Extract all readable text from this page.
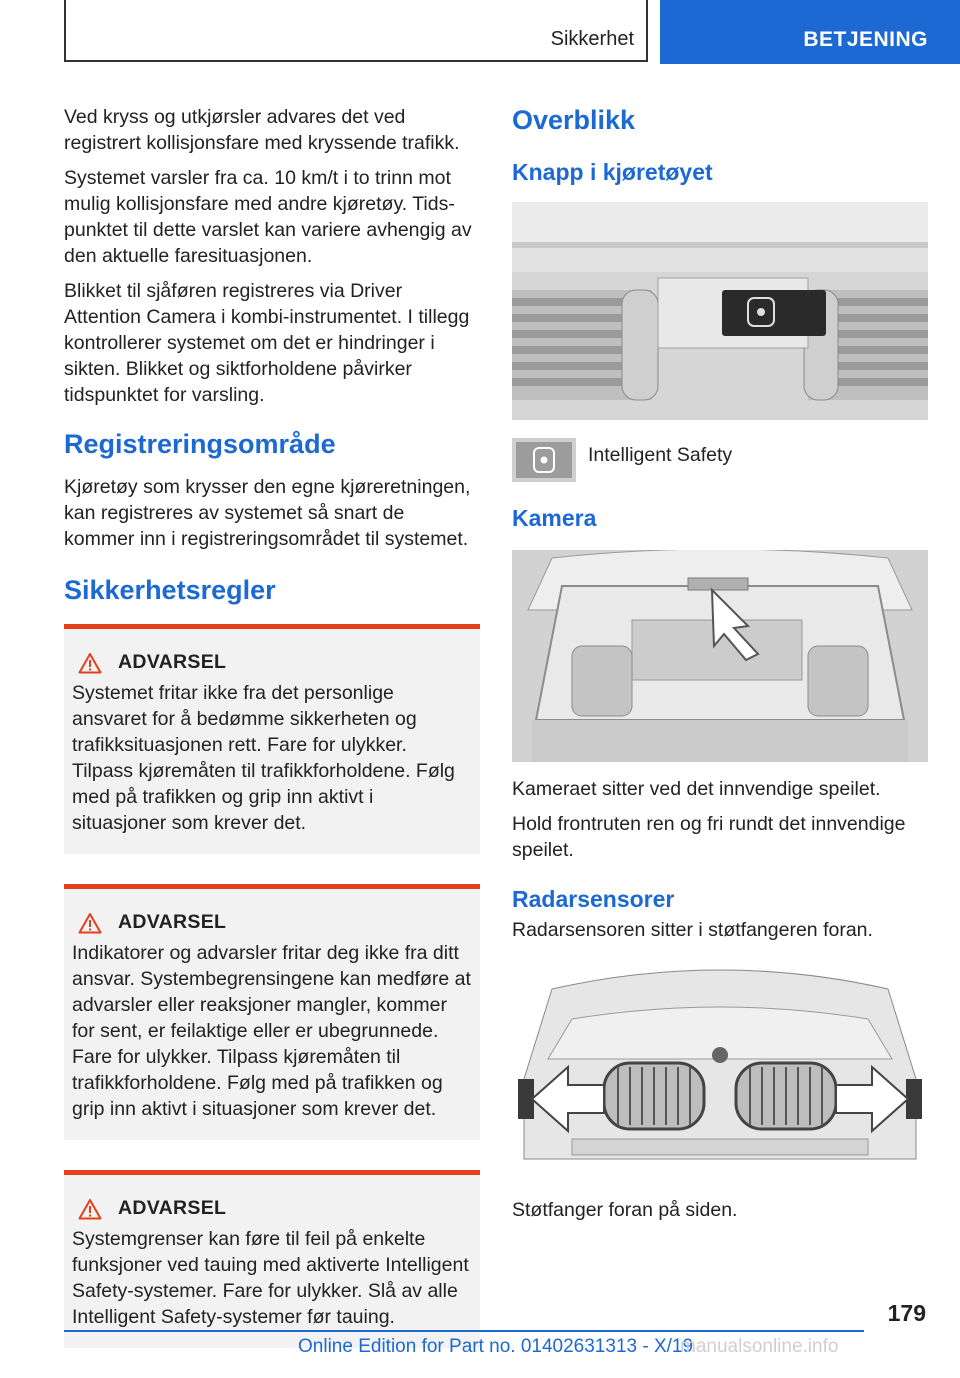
Sikkerhet	BETJENING

Ved kryss og utkjørsler advares det ved registrert kollisjonsfare med kryssende trafikk.

Systemet varsler fra ca. 10 km/t i to trinn mot mulig kollisjonsfare med andre kjøretøy. Tidspunktet til dette varslet kan variere avhengig av den aktuelle faresituasjonen.

Blikket til sjåføren registreres via Driver Attention Camera i kombi-instrumentet. I tillegg kontrollerer systemet om det er hindringer i sikten. Blikket og siktforholdene påvirker tidspunktet for varsling.

Registreringsområde

Kjøretøy som krysser den egne kjøreretningen, kan registreres av systemet så snart de kommer inn i registreringsområdet til systemet.

Sikkerhetsregler
ADVARSEL

Systemet fritar ikke fra det personlige ansvaret for å bedømme sikkerheten og trafikksituasjonen rett. Fare for ulykker. Tilpass kjøremåten til trafikkforholdene. Følg med på trafikken og grip inn aktivt i situasjoner som krever det.

ADVARSEL

Indikatorer og advarsler fritar deg ikke fra ditt ansvar. Systembegrensingene kan medføre at advarsler eller reaksjoner mangler, kommer for sent, er feilaktige eller er ubegrunnede. Fare for ulykker. Tilpass kjøremåten til trafikkforholdene. Følg med på trafikken og grip inn aktivt i situasjoner som krever det.

ADVARSEL

Systemgrenser kan føre til feil på enkelte funksjoner ved tauing med aktiverte Intelligent Safety-systemer. Fare for ulykker. Slå av alle Intelligent Safety-systemer før tauing.

Overblikk
Knapp i kjøretøyet
Intelligent Safety
Kamera

Kameraet sitter ved det innvendige speilet.

Hold frontruten ren og fri rundt det innvendige speilet.

Radarsensorer

Radarsensoren sitter i støtfangeren foran.

Støtfanger foran på siden.

179
Online Edition for Part no. 01402631313 - X/19
manualsonline.info
